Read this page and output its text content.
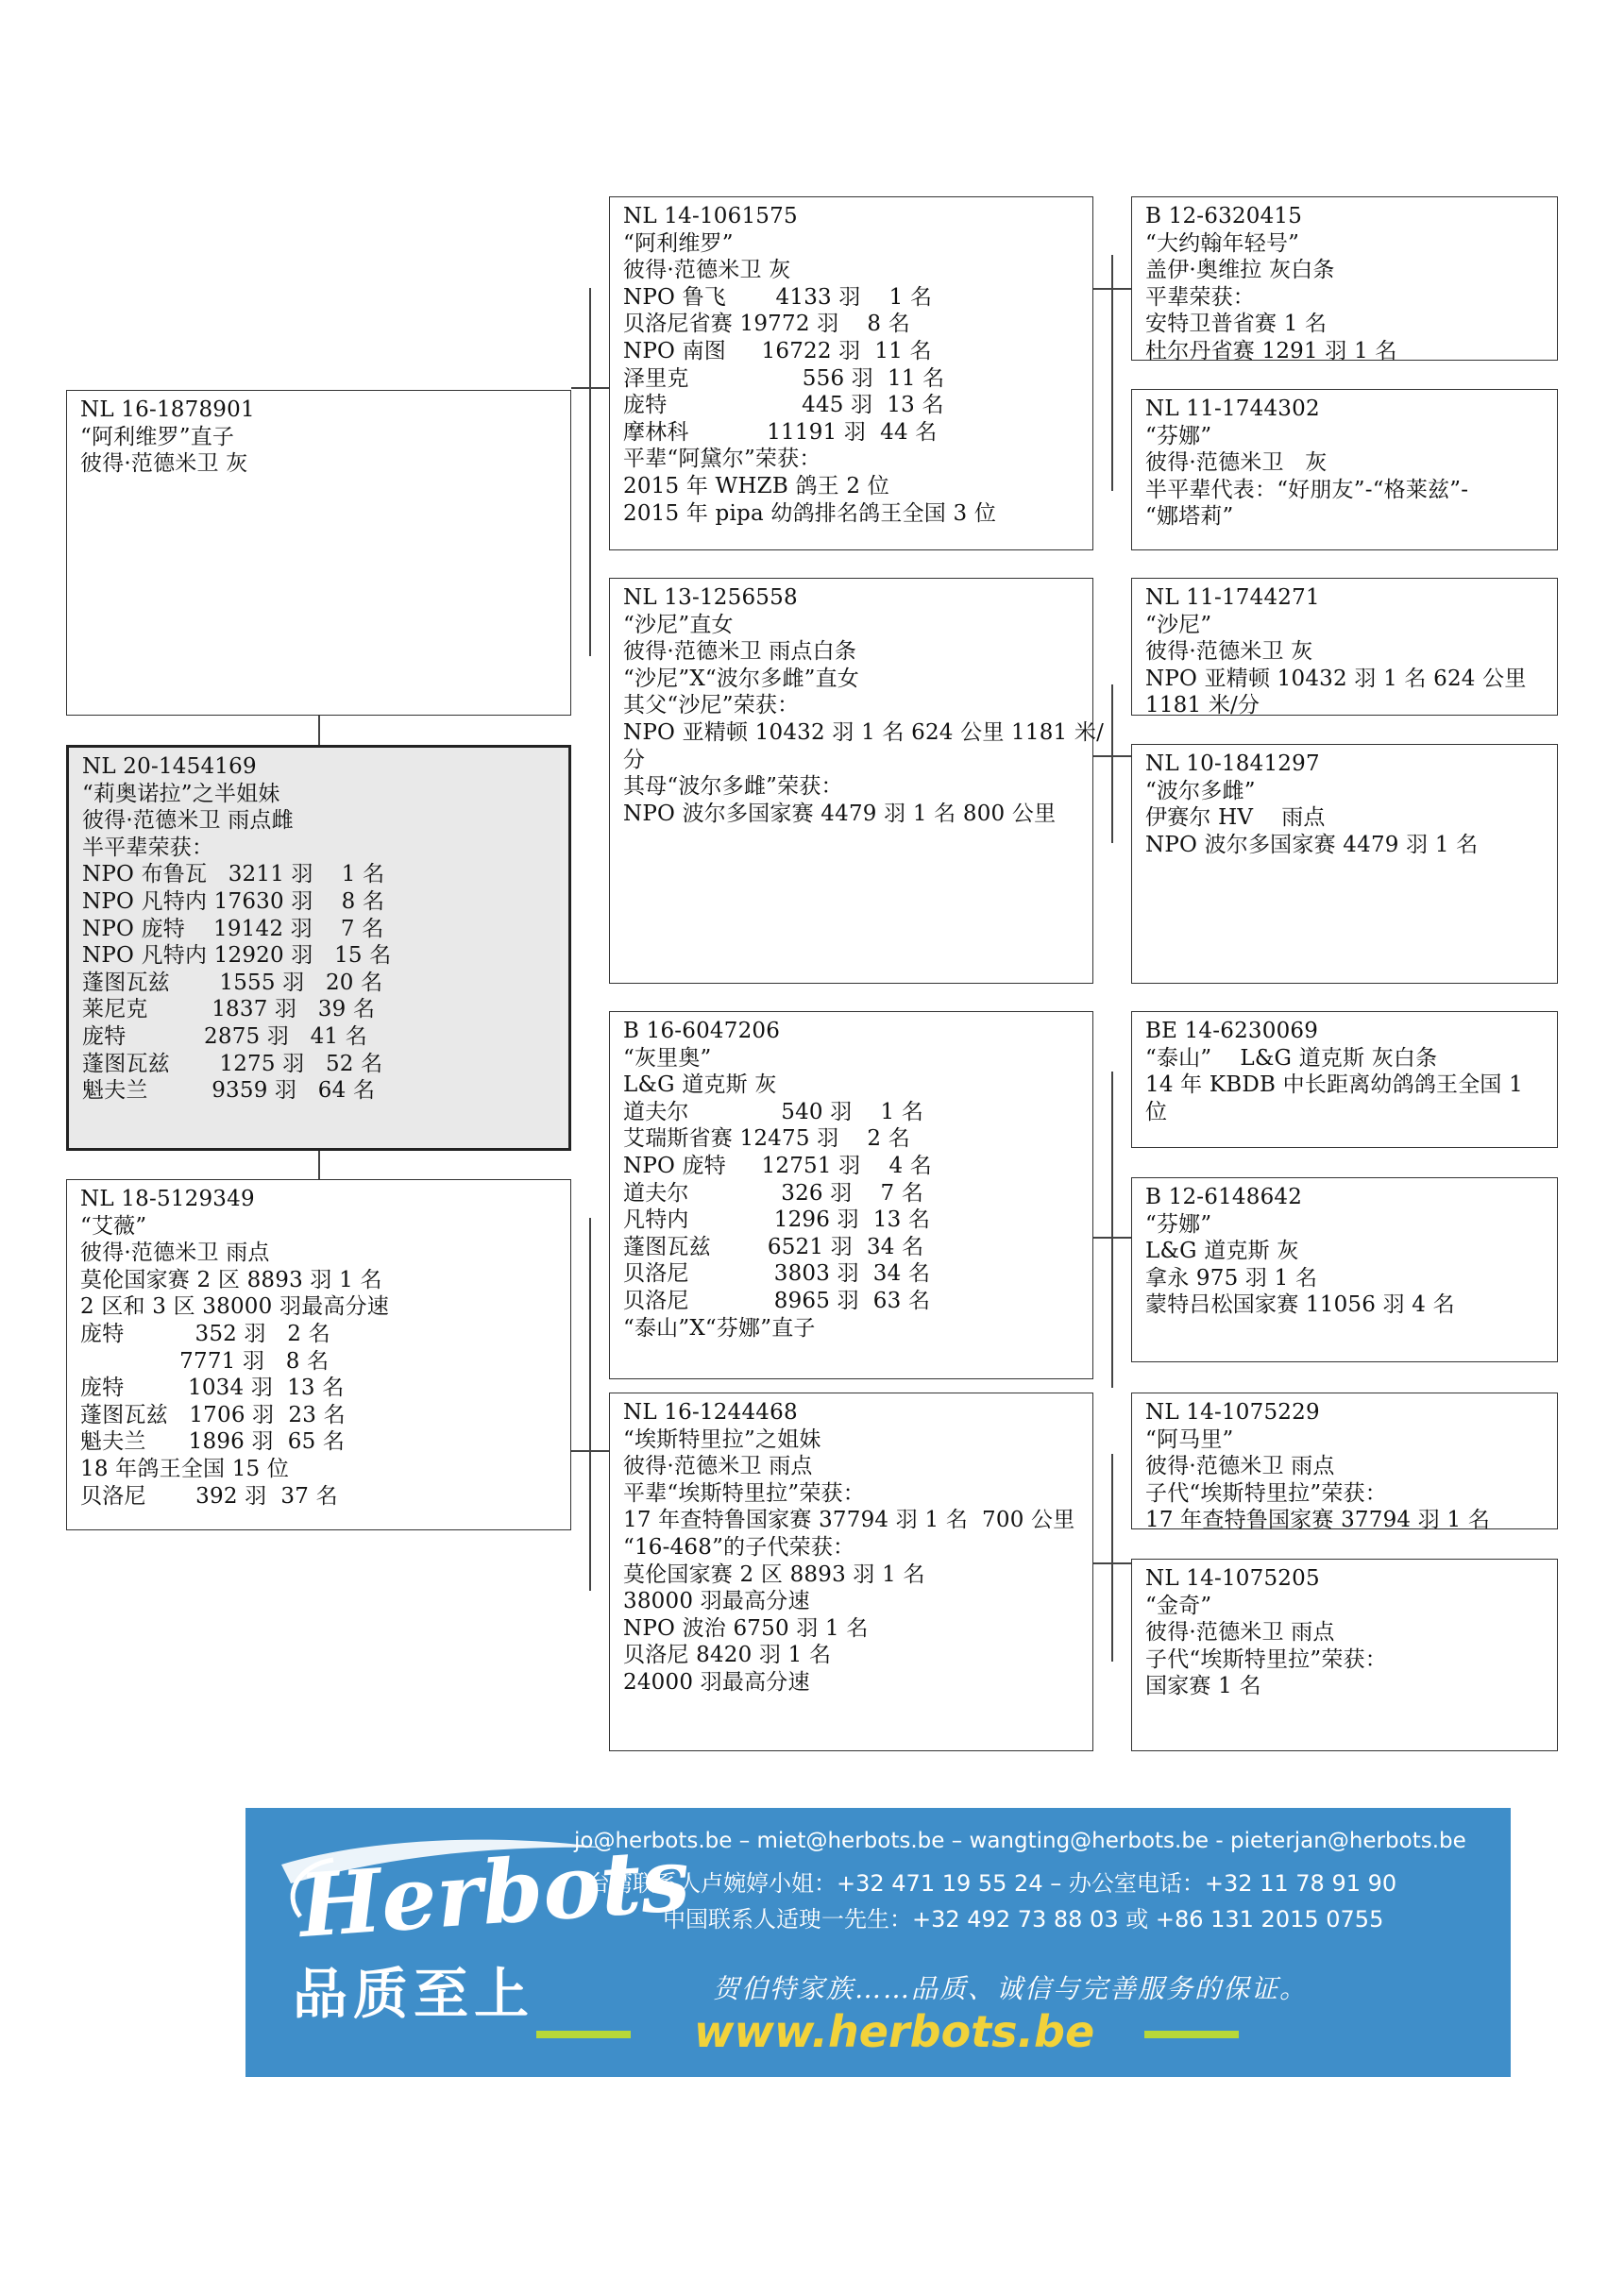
NL 16-1878901
“阿利维罗”直子
彼得·范德米卫 灰
NL 20-1454169
“莉奥诺拉”之半姐妹
彼得·范德米卫 雨点雌
半平辈荣获：
NPO 布鲁瓦   3211 羽    1 名
NPO 凡特内 17630 羽    8 名
NPO 庞特    19142 羽    7 名
NPO 凡特内 12920 羽   15 名
蓬图瓦兹       1555 羽   20 名
莱尼克         1837 羽   39 名
庞特           2875 羽   41 名
蓬图瓦兹       1275 羽   52 名
魁夫兰         9359 羽   64 名
NL 18-5129349
“艾薇”
彼得·范德米卫 雨点
莫伦国家赛 2 区 8893 羽 1 名
2 区和 3 区 38000 羽最高分速
庞特          352 羽   2 名
7771 羽   8 名
庞特         1034 羽  13 名
蓬图瓦兹   1706 羽  23 名
魁夫兰      1896 羽  65 名
18 年鸽王全国 15 位
贝洛尼       392 羽  37 名
NL 14-1061575
“阿利维罗”
彼得·范德米卫 灰
NPO 鲁飞       4133 羽    1 名
贝洛尼省赛 19772 羽    8 名
NPO 南图     16722 羽  11 名
泽里克                556 羽  11 名
庞特                   445 羽  13 名
摩林科           11191 羽  44 名
平辈“阿黛尔”荣获：
2015 年 WHZB 鸽王 2 位
2015 年 pipa 幼鸽排名鸽王全国 3 位
NL 13-1256558
“沙尼”直女
彼得·范德米卫 雨点白条
“沙尼”X“波尔多雌”直女
其父“沙尼”荣获：
NPO 亚精顿 10432 羽 1 名 624 公里 1181 米/
分
其母“波尔多雌”荣获：
NPO 波尔多国家赛 4479 羽 1 名 800 公里
B 16-6047206
“灰里奥”
L&G 道克斯 灰
道夫尔             540 羽    1 名
艾瑞斯省赛 12475 羽    2 名
NPO 庞特     12751 羽    4 名
道夫尔             326 羽    7 名
凡特内            1296 羽  13 名
蓬图瓦兹        6521 羽  34 名
贝洛尼            3803 羽  34 名
贝洛尼            8965 羽  63 名
“泰山”X“芬娜”直子
NL 16-1244468
“埃斯特里拉”之姐妹
彼得·范德米卫 雨点
平辈“埃斯特里拉”荣获：
17 年查特鲁国家赛 37794 羽 1 名  700 公里
“16-468”的子代荣获：
莫伦国家赛 2 区 8893 羽 1 名
38000 羽最高分速
NPO 波治 6750 羽 1 名
贝洛尼 8420 羽 1 名
24000 羽最高分速
B 12-6320415
“大约翰年轻号”
盖伊·奥维拉 灰白条
平辈荣获：
安特卫普省赛 1 名
杜尔丹省赛 1291 羽 1 名
NL 11-1744302
“芬娜”
彼得·范德米卫   灰
半平辈代表：“好朋友”-“格莱兹”-
“娜塔莉”
NL 11-1744271
“沙尼”
彼得·范德米卫 灰
NPO 亚精顿 10432 羽 1 名 624 公里
1181 米/分
NL 10-1841297
“波尔多雌”
伊赛尔 HV    雨点
NPO 波尔多国家赛 4479 羽 1 名
BE 14-6230069
“泰山”    L&G 道克斯 灰白条
14 年 KBDB 中长距离幼鸽鸽王全国 1
位
B 12-6148642
“芬娜”
L&G 道克斯 灰
拿永 975 羽 1 名
蒙特吕松国家赛 11056 羽 4 名
NL 14-1075229
“阿马里”
彼得·范德米卫 雨点
子代“埃斯特里拉”荣获：
17 年查特鲁国家赛 37794 羽 1 名
NL 14-1075205
“金奇”
彼得·范德米卫 雨点
子代“埃斯特里拉”荣获：
国家赛 1 名
Herbots
品质至上
jo@herbots.be – miet@herbots.be – wangting@herbots.be - pieterjan@herbots.be
台湾联系人卢婉婷小姐：+32 471 19 55 24 – 办公室电话：+32 11 78 91 90
中国联系人适㻀一先生：+32 492 73 88 03 或 +86 131 2015 0755
贺伯特家族……品质、诚信与完善服务的保证。
www.herbots.be
